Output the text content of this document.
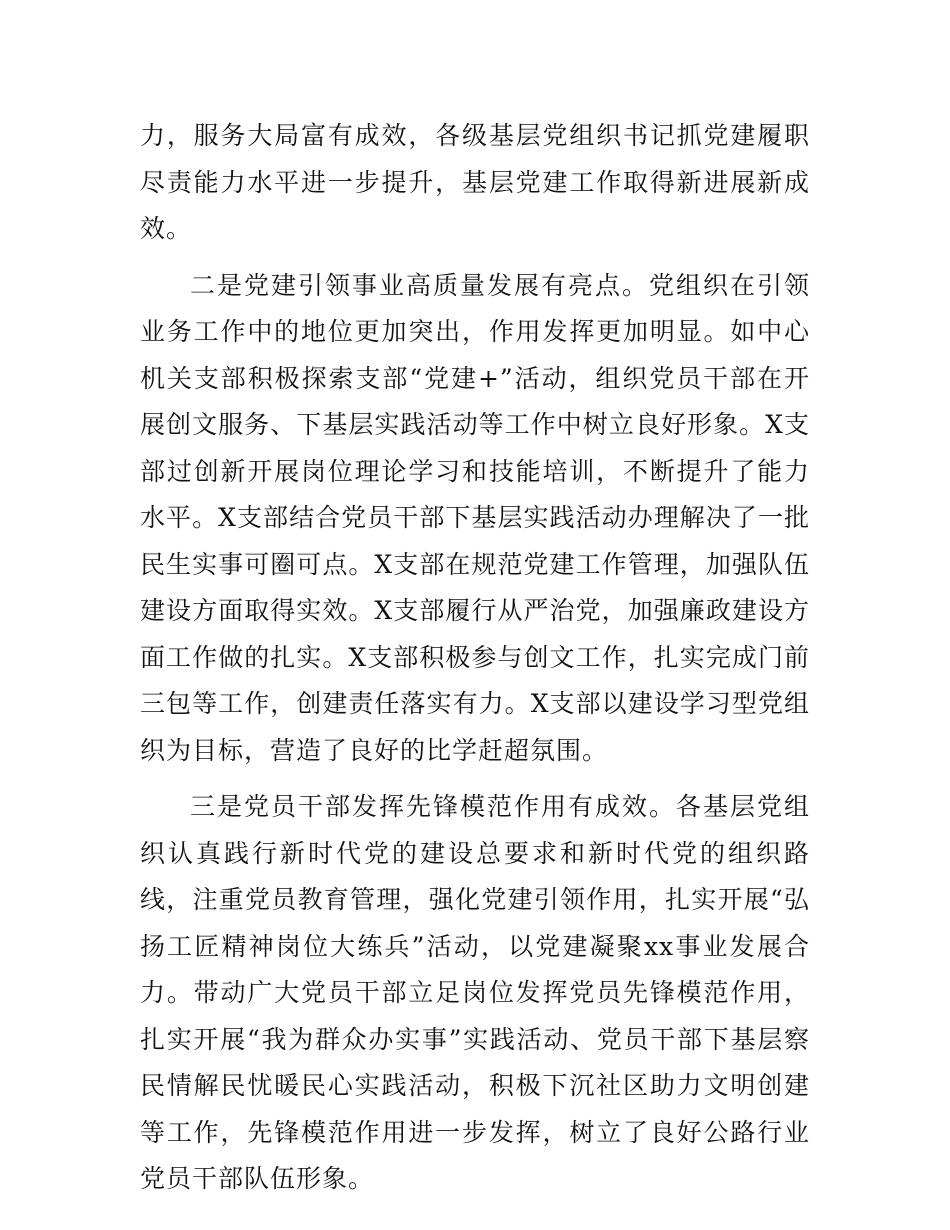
力，服务大局富有成效，各级基层党组织书记抓党建履职尽责能力水平进一步提升，基层党建工作取得新进展新成效。

二是党建引领事业高质量发展有亮点。党组织在引领业务工作中的地位更加突出，作用发挥更加明显。如中心机关支部积极探索支部“党建+”活动，组织党员干部在开展创文服务、下基层实践活动等工作中树立良好形象。X支部过创新开展岗位理论学习和技能培训，不断提升了能力水平。X支部结合党员干部下基层实践活动办理解决了一批民生实事可圈可点。X支部在规范党建工作管理，加强队伍建设方面取得实效。X支部履行从严治党，加强廉政建设方面工作做的扎实。X支部积极参与创文工作，扎实完成门前三包等工作，创建责任落实有力。X支部以建设学习型党组织为目标，营造了良好的比学赶超氛围。

三是党员干部发挥先锋模范作用有成效。各基层党组织认真践行新时代党的建设总要求和新时代党的组织路线，注重党员教育管理，强化党建引领作用，扎实开展“弘扬工匠精神岗位大练兵”活动，以党建凝聚xx事业发展合力。带动广大党员干部立足岗位发挥党员先锋模范作用，扎实开展“我为群众办实事”实践活动、党员干部下基层察民情解民忧暖民心实践活动，积极下沉社区助力文明创建等工作，先锋模范作用进一步发挥，树立了良好公路行业党员干部队伍形象。
